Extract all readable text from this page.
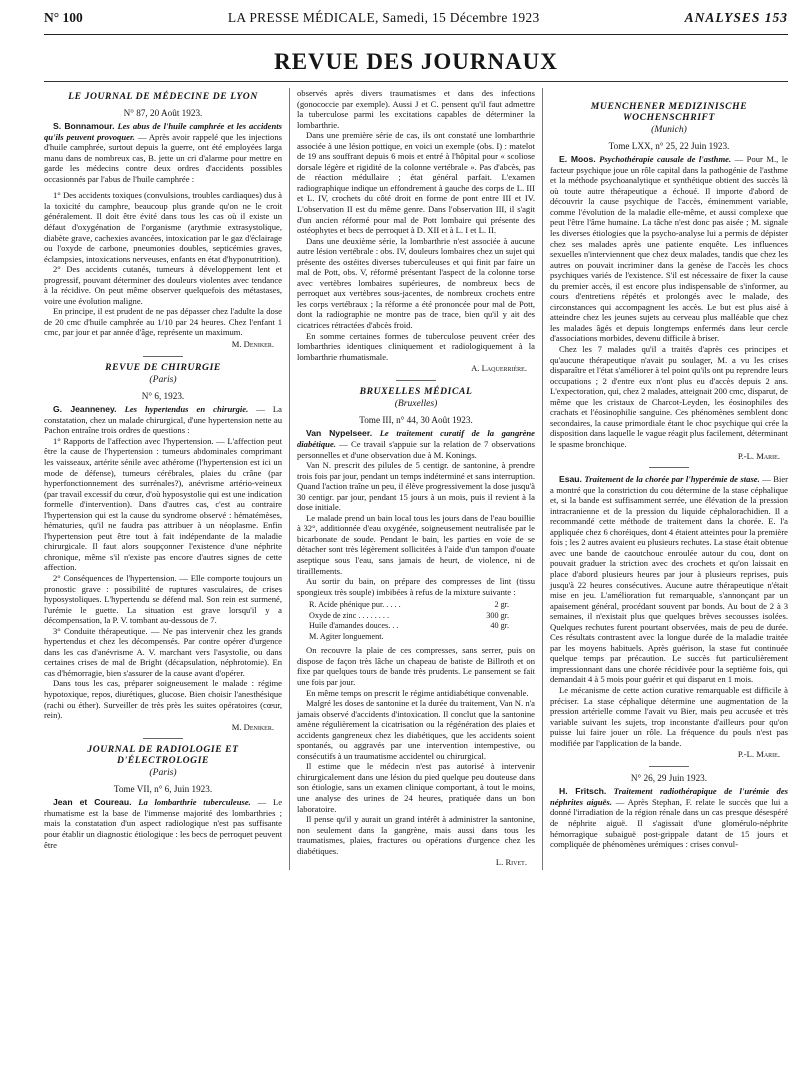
N° 100	LA PRESSE MÉDICALE, Samedi, 15 Décembre 1923	ANALYSES 153
REVUE DES JOURNAUX
LE JOURNAL DE MÉDECINE DE LYON
N° 87, 20 Août 1923.

S. Bonnamour. Les abus de l'huile camphrée et les accidents qu'ils peuvent provoquer. — Après avoir rappelé que les injections d'huile camphrée, surtout depuis la guerre, ont été employées larga manu dans de nombreux cas, B. jette un cri d'alarme pour mettre en garde les médecins contre deux ordres d'accidents possibles occasionnés par l'abus de l'huile camphrée :

1° Des accidents toxiques (convulsions, troubles cardiaques) dus à la toxicité du camphre, beaucoup plus grande qu'on ne le croit généralement. Il doit être évité dans tous les cas où il existe un défaut d'oxygénation de l'organisme (arythmie extrasystolique, diabète grave, cachexies avancées, intoxication par le gaz d'éclairage ou l'oxyde de carbone, pneumonies doubles, septicémies graves, éclampsies, intoxications nerveuses, enfants en état d'hyponutrition).

2° Des accidents cutanés, tumeurs à développement lent et progressif, pouvant déterminer des douleurs violentes avec tendance à la récidive. On peut même observer quelquefois des métastases, voire une évolution maligne.

En principe, il est prudent de ne pas dépasser chez l'adulte la dose de 20 cmc d'huile camphrée au 1/10 par 24 heures. Chez l'enfant 1 cmc, par jour et par année d'âge, représente un maximum.

M. Deniker.
REVUE DE CHIRURGIE
(Paris)
N° 6, 1923.

G. Jeanneney. Les hypertendus en chirurgie. — La constatation, chez un malade chirurgical, d'une hypertension nette au Pachon entraîne trois ordres de questions :

1° Rapports de l'affection avec l'hypertension. — L'affection peut être la cause de l'hypertension : tumeurs abdominales comprimant les vaisseaux, artérite sénile avec athérome (l'hypertension est ici un mode de défense), tumeurs cérébrales, plaies du crâne (par hyperfonctionnement des surrénales?), anévrisme artério-veineux (par travail excessif du cœur, d'où hyposystolie qui est une indication formelle d'intervention). Dans d'autres cas, c'est au contraire l'hypertension qui est la cause du syndrome observé : hématémèses, hématuries, qu'il ne faudra pas attribuer à un néoplasme. Enfin l'hypertension peut être tout à fait indépendante de la maladie chirurgicale. Il faut alors soupçonner l'existence d'une néphrite chronique, même s'il n'existe pas encore d'autres signes de cette affection.

2° Conséquences de l'hypertension. — Elle comporte toujours un pronostic grave : possibilité de ruptures vasculaires, de crises hyposystoliques. L'hypertendu se défend mal. Son rein est surmené, l'urémie le guette. La situation est grave lorsqu'il y a décompensation, la P. V. tombant au-dessous de 7.

3° Conduite thérapeutique. — Ne pas intervenir chez les grands hypertendus et chez les décompensés. Par contre opérer d'urgence dans les cas d'anévrisme A. V. marchant vers l'asystolie, ou dans certaines crises de mal de Bright (décapsulation, néphrotomie). En cas d'hémorragie, bien s'assurer de la cause avant d'opérer.

Dans tous les cas, préparer soigneusement le malade : régime hypotoxique, repos, diurétiques, glucose. Bien choisir l'anesthésique (rachi ou éther). Surveiller de très près les suites opératoires (cœur, rein).

M. Deniker.
JOURNAL DE RADIOLOGIE ET D'ÉLECTROLOGIE
(Paris)
Tome VII, n° 6, Juin 1923.

Jean et Coureau. La lombarthrie tuberculeuse. — Le rhumatisme est la base de l'immense majorité des lombarthries ; mais la constatation d'un aspect radiologique n'est pas suffisante pour établir un diagnostic étiologique : les becs de perroquet peuvent être

observés après divers traumatismes et dans des infections (gonococcie par exemple). Aussi J et C. pensent qu'il faut admettre la tuberculose parmi les excitations capables de déterminer la lombarthrie.

Dans une première série de cas, ils ont constaté une lombarthrie associée à une lésion pottique, en voici un exemple (obs. I) : matelot de 19 ans souffrant depuis 6 mois et entré à l'hôpital pour « scoliose dorsale légère et rigidité de la colonne vertébrale ». Pas d'abcès, pas de réaction médullaire ; état général parfait. L'examen radiographique indique un effondrement à gauche des corps de L. III et L. IV, crochets du côté droit en forme de pont entre III et IV. L'observation II est du même genre. Dans l'observation III, il s'agit d'un ancien réformé pour mal de Pott lombaire qui présente des ostéophytes et becs de perroquet à D. XII et à L. I et L. II.

Dans une deuxième série, la lombarthrie n'est associée à aucune autre lésion vertébrale : obs. IV, douleurs lombaires chez un sujet qui présente des ostéites diverses tuberculeuses et qui finit par faire un mal de Pott, obs. V, réformé présentant l'aspect de la colonne torse avec vertèbres lombaires supérieures, de nombreux becs de perroquet aux vertèbres sous-jacentes, de nombreux crochets entre les corps vertébraux ; la réforme a été prononcée pour mal de Pott, dont la radiographie ne montre pas de trace, bien qu'il y ait des cicatrices rétractées d'abcès froid.

En somme certaines formes de tuberculose peuvent créer des lombarthries identiques cliniquement et radiologiquement à la lombarthrie rhumatismale.

A. Laquerrière.
BRUXELLES MÉDICAL
(Bruxelles)
Tome III, n° 44, 30 Août 1923.

Van Nypelseer. Le traitement curatif de la gangrène diabétique. — Ce travail s'appuie sur la relation de 7 observations personnelles et d'une observation due à M. Konings.

Van N. prescrit des pilules de 5 centigr. de santonine, à prendre trois fois par jour, pendant un temps indéterminé et sans interruption. Quand l'action traîne un peu, il élève progressivement la dose jusqu'à 30 centigr. par jour, pendant 15 jours à un mois, puis il revient à la dose initiale.

Le malade prend un bain local tous les jours dans de l'eau bouillie à 32°, additionnée d'eau oxygénée, soigneusement neutralisée par le bicarbonate de soude. Pendant le bain, les parties en voie de se détacher sont très légèrement sollicitées à l'aide d'un tampon d'ouate aseptique sous l'eau, sans jamais de heurt, de violence, ni de tiraillements.

Au sortir du bain, on prépare des compresses de lint (tissu spongieux très souple) imbibées à refus de la mixture suivante :

R. Acide phénique pur. . . . .	2 gr.
Oxyde de zinc . . . . . . . .	300 gr.
Huile d'amandes douces. . .	40 gr.
M. Agiter longuement.

On recouvre la plaie de ces compresses, sans serrer, puis on dispose de façon très lâche un chapeau de batiste de Billroth et on fixe par quelques tours de bande très prudents. Le pansement se fait une fois par jour.

En même temps on prescrit le régime antidiabétique convenable.

Malgré les doses de santonine et la durée du traitement, Van N. n'a jamais observé d'accidents d'intoxication. Il conclut que la santonine amène régulièrement la cicatrisation ou la régénération des plaies et accidents gangreneux chez les diabétiques, que les accidents soient spontanés, ou aggravés par une intervention intempestive, ou consécutifs à un traumatisme accidentel ou chirurgical.

Il estime que le médecin n'est pas autorisé à intervenir chirurgicalement dans une lésion du pied quelque peu douteuse dans son étiologie, sans un examen clinique comportant, à tout le moins, une analyse des urines de 24 heures, pratiquée dans un bon laboratoire.

Il pense qu'il y aurait un grand intérêt à administrer la santonine, non seulement dans la gangrène, mais aussi dans tous les traumatismes, plaies, fractures ou opérations d'urgence chez les diabétiques.

L. Rivet.
MUENCHENER MEDIZINISCHE WOCHENSCHRIFT
(Munich)
Tome LXX, n° 25, 22 Juin 1923.

E. Moos. Psychothérapie causale de l'asthme. — Pour M., le facteur psychique joue un rôle capital dans la pathogénie de l'asthme et la méthode psychoanalytique et synthétique obtient des succès là où toute autre thérapeutique a échoué. Il importe d'abord de découvrir la cause psychique de l'accès, éminemment variable, comme l'évolution de la maladie elle-même, et aussi complexe que peut l'être l'âme humaine. La tâche n'est donc pas aisée ; M. signale les diverses étiologies que la psycho-analyse lui a permis de dépister chez ses malades après une patiente enquête. Les influences sexuelles n'interviennent que chez deux malades, tandis que chez les autres on pouvait incriminer dans la genèse de l'accès les chocs psychiques variés de l'existence. S'il est nécessaire de fixer la cause du premier accès, il est encore plus indispensable de s'informer, au cours d'entretiens répétés et prolongés avec le malade, des circonstances qui accompagnent les accès. Le but est plus aisé à atteindre chez les jeunes sujets au cerveau plus malléable que chez les malades âgés et depuis longtemps enfermés dans leur cercle d'associations morbides, devenu difficile à briser.

Chez les 7 malades qu'il a traités d'après ces principes et qu'aucune thérapeutique n'avait pu soulager, M. a vu les crises disparaître et l'état s'améliorer à tel point qu'ils ont pu reprendre leurs occupations ; 2 d'entre eux n'ont plus eu d'accès depuis 2 ans. L'expectoration, qui, chez 2 malades, atteignait 200 cmc, disparut, de même que les cristaux de Charcot-Leyden, les éosinophiles des crachats et l'éosinophilie sanguine. Ces phénomènes semblent donc secondaires, la cause primordiale étant le choc psychique qui crée la disposition dans laquelle le vague réagit plus facilement, déterminant le spasme bronchique.

P.-L. Marie.

Esau. Traitement de la chorée par l'hyperémie de stase. — Bier a montré que la constriction du cou détermine de la stase céphalique et, si la bande est suffisamment serrée, une élévation de la pression intracranienne et de la pression du liquide céphalorachidien. Il a recommandé cette méthode de traitement dans la chorée. E. l'a appliquée chez 6 choréiques, dont 4 étaient atteintes pour la première fois ; les 2 autres avaient eu plusieurs rechutes. La stase était obtenue avec une bande de caoutchouc enroulée autour du cou, dont on pouvait graduer la striction avec des crochets et qu'on laissait en place d'abord plusieurs heures par jour à plusieurs reprises, puis jusqu'à 22 heures consécutives. Aucune autre thérapeutique n'était mise en jeu. L'amélioration fut remarquable, s'annonçant par un apaisement général, procédant souvent par bonds. Au bout de 2 à 3 semaines, il n'existait plus que quelques brèves secousses isolées. Quelques rechutes furent pourtant observées, mais de peu de durée. Ces résultats contrastent avec la longue durée de la maladie traitée par les moyens habituels. Après guérison, la stase fut continuée quelque temps par précaution. Le succès fut particulièrement impressionnant dans une chorée récidivée pour la septième fois, qui demandait 4 à 5 mois pour guérir et qui disparut en 1 mois.

Le mécanisme de cette action curative remarquable est difficile à préciser. La stase céphalique détermine une augmentation de la pression artérielle comme l'avait vu Bier, mais peu accusée et très variable suivant les sujets, trop inconstante d'ailleurs pour qu'on puisse lui faire jouer un rôle. La fréquence du pouls n'est pas modifiée par l'application de la bande.

P.-L. Marie.
N° 26, 29 Juin 1923.

H. Fritsch. Traitement radiothérapique de l'urémie des néphrites aiguës. — Après Stephan, F. relate le succès que lui a donné l'irradiation de la région rénale dans un cas presque désespéré de néphrite aiguë. Il s'agissait d'une glomérulo-néphrite hémorragique subaiguë post-grippale datant de 15 jours et compliquée de phénomènes urémiques : crises convul-
